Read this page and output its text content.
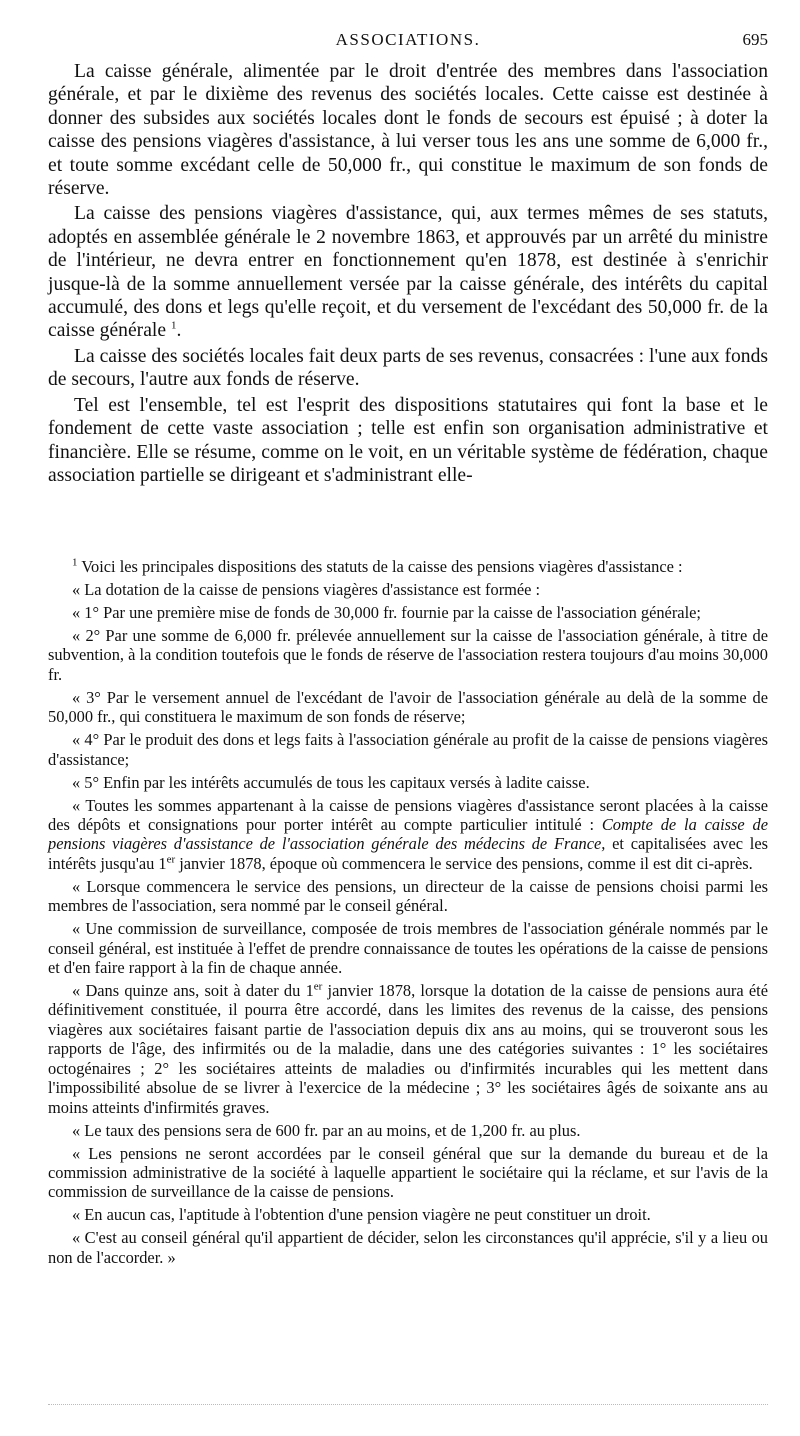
ASSOCIATIONS.	695

La caisse générale, alimentée par le droit d'entrée des membres dans l'association générale, et par le dixième des revenus des sociétés locales. Cette caisse est destinée à donner des subsides aux sociétés locales dont le fonds de secours est épuisé ; à doter la caisse des pensions viagères d'assistance, à lui verser tous les ans une somme de 6,000 fr., et toute somme excédant celle de 50,000 fr., qui constitue le maximum de son fonds de réserve.

La caisse des pensions viagères d'assistance, qui, aux termes mêmes de ses statuts, adoptés en assemblée générale le 2 novembre 1863, et approuvés par un arrêté du ministre de l'intérieur, ne devra entrer en fonctionnement qu'en 1878, est destinée à s'enrichir jusque-là de la somme annuellement versée par la caisse générale, des intérêts du capital accumulé, des dons et legs qu'elle reçoit, et du versement de l'excédant des 50,000 fr. de la caisse générale $^1$.

La caisse des sociétés locales fait deux parts de ses revenus, consacrées : l'une aux fonds de secours, l'autre aux fonds de réserve.

Tel est l'ensemble, tel est l'esprit des dispositions statutaires qui font la base et le fondement de cette vaste association ; telle est enfin son organisation administrative et financière. Elle se résume, comme on le voit, en un véritable système de fédération, chaque association partielle se dirigeant et s'administrant elle-

$^1$ Voici les principales dispositions des statuts de la caisse des pensions viagères d'assistance :

« La dotation de la caisse de pensions viagères d'assistance est formée :

« 1° Par une première mise de fonds de 30,000 fr. fournie par la caisse de l'association générale;

« 2° Par une somme de 6,000 fr. prélevée annuellement sur la caisse de l'association générale, à titre de subvention, à la condition toutefois que le fonds de réserve de l'association restera toujours d'au moins 30,000 fr.

« 3° Par le versement annuel de l'excédant de l'avoir de l'association générale au delà de la somme de 50,000 fr., qui constituera le maximum de son fonds de réserve;

« 4° Par le produit des dons et legs faits à l'association générale au profit de la caisse de pensions viagères d'assistance;

« 5° Enfin par les intérêts accumulés de tous les capitaux versés à ladite caisse.

« Toutes les sommes appartenant à la caisse de pensions viagères d'assistance seront placées à la caisse des dépôts et consignations pour porter intérêt au compte particulier intitulé : Compte de la caisse de pensions viagères d'assistance de l'association générale des médecins de France, et capitalisées avec les intérêts jusqu'au 1er janvier 1878, époque où commencera le service des pensions, comme il est dit ci-après.

« Lorsque commencera le service des pensions, un directeur de la caisse de pensions choisi parmi les membres de l'association, sera nommé par le conseil général.

« Une commission de surveillance, composée de trois membres de l'association générale nommés par le conseil général, est instituée à l'effet de prendre connaissance de toutes les opérations de la caisse de pensions et d'en faire rapport à la fin de chaque année.

« Dans quinze ans, soit à dater du 1er janvier 1878, lorsque la dotation de la caisse de pensions aura été définitivement constituée, il pourra être accordé, dans les limites des revenus de la caisse, des pensions viagères aux sociétaires faisant partie de l'association depuis dix ans au moins, qui se trouveront sous les rapports de l'âge, des infirmités ou de la maladie, dans une des catégories suivantes : 1° les sociétaires octogénaires ; 2° les sociétaires atteints de maladies ou d'infirmités incurables qui les mettent dans l'impossibilité absolue de se livrer à l'exercice de la médecine ; 3° les sociétaires âgés de soixante ans au moins atteints d'infirmités graves.

« Le taux des pensions sera de 600 fr. par an au moins, et de 1,200 fr. au plus.

« Les pensions ne seront accordées par le conseil général que sur la demande du bureau et de la commission administrative de la société à laquelle appartient le sociétaire qui la réclame, et sur l'avis de la commission de surveillance de la caisse de pensions.

« En aucun cas, l'aptitude à l'obtention d'une pension viagère ne peut constituer un droit.

« C'est au conseil général qu'il appartient de décider, selon les circonstances qu'il apprécie, s'il y a lieu ou non de l'accorder. »
